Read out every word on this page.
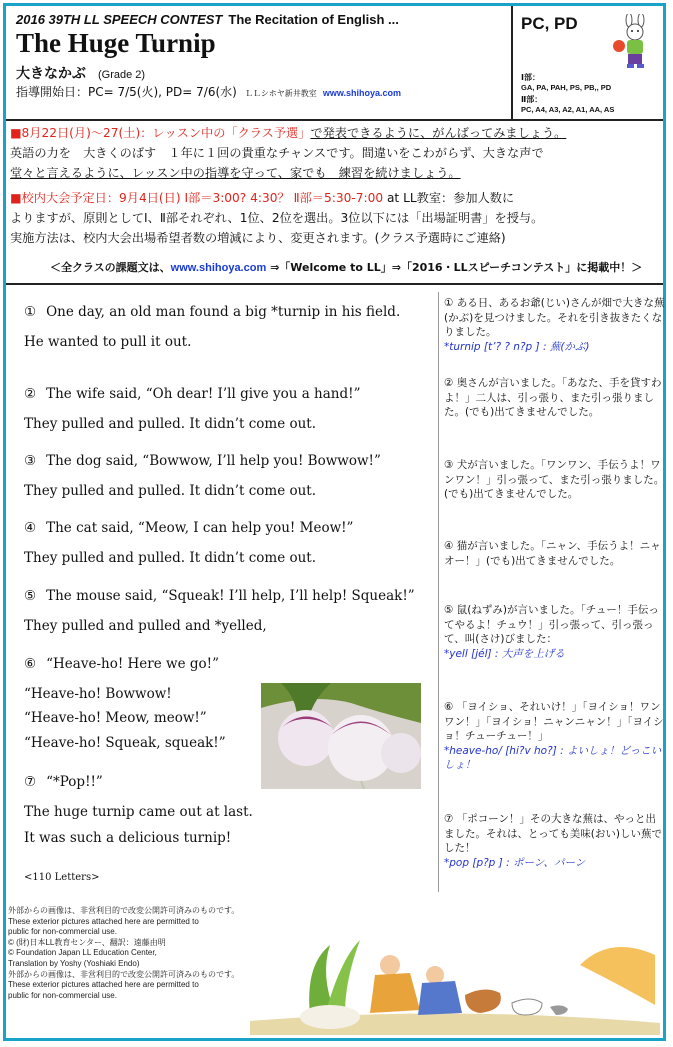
2016 39TH LL SPEECH CONTEST The Recitation of English ...
The Huge Turnip
大きなかぶ (Grade 2)
指導開始日：PC= 7/5(火), PD= 7/6(水) ＬＬシホヤ新井教室 www.shihoya.com
PC, PD
Ⅰ部：
GA, PA, PAH, PS, PB,, PD
Ⅱ部：
PC, A4, A3, A2, A1, AA, AS
■8月22日(月)～27(土)：レッスン中の「クラス予選」で発表できるように、がんばってみましょう。
英語の力を　大きくのばす　１年に１回の貴重なチャンスです。間違いをこわがらず、大きな声で
堂々と言えるように、レッスン中の指導を守って、家でも　練習を続けましょう。
■校内大会予定日：9月4日(日) Ⅰ部＝3:00? 4:30？ Ⅱ部＝5:30-7:00 at LL教室：参加人数に
よりますが、原則としてⅠ、Ⅱ部それぞれ、1位、2位を選出。3位以下には「出場証明書」を授与。
実施方法は、校内大会出場希望者数の増減により、変更されます。(クラス予選時にご連絡)
＜全クラスの課題文は、www.shihoya.com ⇒「Welcome to LL」⇒「2016・LLスピーチコンテスト」に掲載中！＞
① One day, an old man found a big *turnip in his field.
He wanted to pull it out.
② The wife said, “Oh dear! I’ll give you a hand!”
They pulled and pulled. It didn’t come out.
③ The dog said, “Bowwow, I’ll help you! Bowwow!”
They pulled and pulled. It didn’t come out.
④ The cat said, “Meow, I can help you! Meow!”
They pulled and pulled. It didn’t come out.
⑤ The mouse said, “Squeak! I’ll help, I’ll help! Squeak!”
They pulled and pulled and *yelled,
⑥ “Heave-ho! Here we go!”
“Heave-ho! Bowwow!
“Heave-ho! Meow, meow!”
“Heave-ho! Squeak, squeak!”
⑦ “*Pop!!”
The huge turnip came out at last.
It was such a delicious turnip!
<110 Letters>
① ある日、あるお爺(じい)さんが畑で大きな蕪(かぶ)を見つけました。それを引き抜きたくなりました。
*turnip [t’? ? n?p ] : 蕪(かぶ)
② 奥さんが言いました。「あなた、手を貸すわよ！」二人は、引っ張り、また引っ張りました。(でも)出てきませんでした。
③ 犬が言いました。「ワンワン、手伝うよ！ワンワン！」引っ張って、また引っ張りました。(でも)出てきませんでした。
④ 猫が言いました。「ニャン、手伝うよ！ニャオー！」(でも)出てきませんでした。
⑤ 鼠(ねずみ)が言いました。「チュー！手伝ってやるよ！チュウ！」引っ張って、引っ張って、叫(さけ)びました：
*yell [jél] : 大声を上げる
⑥ 「ヨイショ、それいけ！」「ヨイショ！ワンワン！」「ヨイショ！ニャンニャン！」「ヨイショ！チューチュー！」
*heave-ho/ [hi?v ho?] : よいしょ！どっこいしょ！
⑦ 「ポコーン！」その大きな蕪は、やっと出ました。それは、とっても美味(おい)しい蕪でした！
*pop [p?p ] : ポーン、パーン
外部からの画像は、非営利目的で改変公開許可済みのものです。
These exterior pictures attached here are permitted to
public for non-commercial use.
© (財)日本LL教育センター、翻訳：遠藤由明
© Foundation Japan LL Education Center,
Translation by Yoshy (Yoshiaki Endo)
外部からの画像は、非営利目的で改変公開許可済みのものです。
These exterior pictures attached here are permitted to
public for non-commercial use.
